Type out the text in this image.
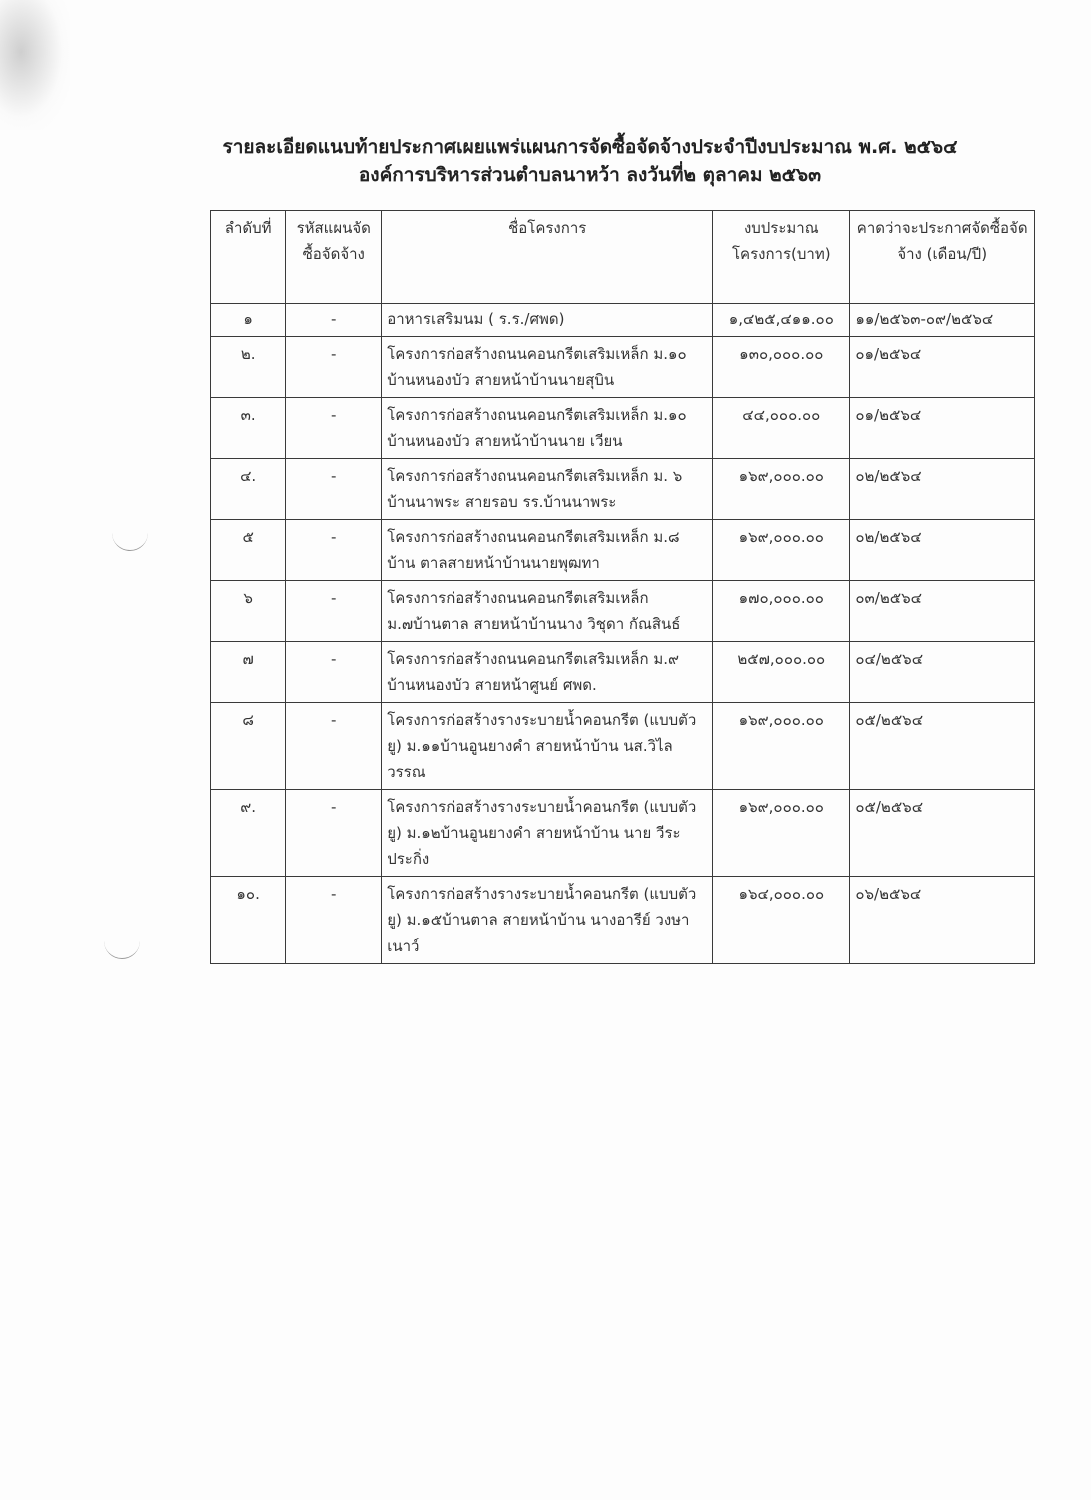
รายละเอียดแนบท้ายประกาศเผยแพร่แผนการจัดซื้อจัดจ้างประจำปีงบประมาณ พ.ศ. ๒๕๖๔
องค์การบริหารส่วนตำบลนาหว้า ลงวันที่๒ ตุลาคม ๒๕๖๓
ลำดับที่	รหัสแผนจัดซื้อจัดจ้าง	ชื่อโครงการ	งบประมาณโครงการ(บาท)	คาดว่าจะประกาศจัดซื้อจัดจ้าง (เดือน/ปี)
๑	-	อาหารเสริมนม ( ร.ร./ศพด)	๑,๔๒๕,๔๑๑.๐๐	๑๑/๒๕๖๓-๐๙/๒๕๖๔
๒.	-	โครงการก่อสร้างถนนคอนกรีตเสริมเหล็ก ม.๑๐ บ้านหนองบัว สายหน้าบ้านนายสุบิน	๑๓๐,๐๐๐.๐๐	๐๑/๒๕๖๔
๓.	-	โครงการก่อสร้างถนนคอนกรีตเสริมเหล็ก ม.๑๐ บ้านหนองบัว สายหน้าบ้านนาย เวียน	๔๔,๐๐๐.๐๐	๐๑/๒๕๖๔
๔.	-	โครงการก่อสร้างถนนคอนกรีตเสริมเหล็ก ม. ๖ บ้านนาพระ สายรอบ รร.บ้านนาพระ	๑๖๙,๐๐๐.๐๐	๐๒/๒๕๖๔
๕	-	โครงการก่อสร้างถนนคอนกรีตเสริมเหล็ก ม.๘ บ้าน ตาลสายหน้าบ้านนายพุฒทา	๑๖๙,๐๐๐.๐๐	๐๒/๒๕๖๔
๖	-	โครงการก่อสร้างถนนคอนกรีตเสริมเหล็ก ม.๗บ้านตาล สายหน้าบ้านนาง วิชุดา กัณสินธ์	๑๗๐,๐๐๐.๐๐	๐๓/๒๕๖๔
๗	-	โครงการก่อสร้างถนนคอนกรีตเสริมเหล็ก ม.๙ บ้านหนองบัว สายหน้าศูนย์ ศพด.	๒๕๗,๐๐๐.๐๐	๐๔/๒๕๖๔
๘	-	โครงการก่อสร้างรางระบายน้ำคอนกรีต (แบบตัว ยู) ม.๑๑บ้านอูนยางคำ สายหน้าบ้าน นส.วิไลวรรณ	๑๖๙,๐๐๐.๐๐	๐๕/๒๕๖๔
๙.	-	โครงการก่อสร้างรางระบายน้ำคอนกรีต (แบบตัว ยู) ม.๑๒บ้านอูนยางคำ สายหน้าบ้าน นาย วีระ ประกิ่ง	๑๖๙,๐๐๐.๐๐	๐๕/๒๕๖๔
๑๐.	-	โครงการก่อสร้างรางระบายน้ำคอนกรีต (แบบตัว ยู) ม.๑๕บ้านตาล สายหน้าบ้าน นางอารีย์ วงษาเนาว์	๑๖๔,๐๐๐.๐๐	๐๖/๒๕๖๔
